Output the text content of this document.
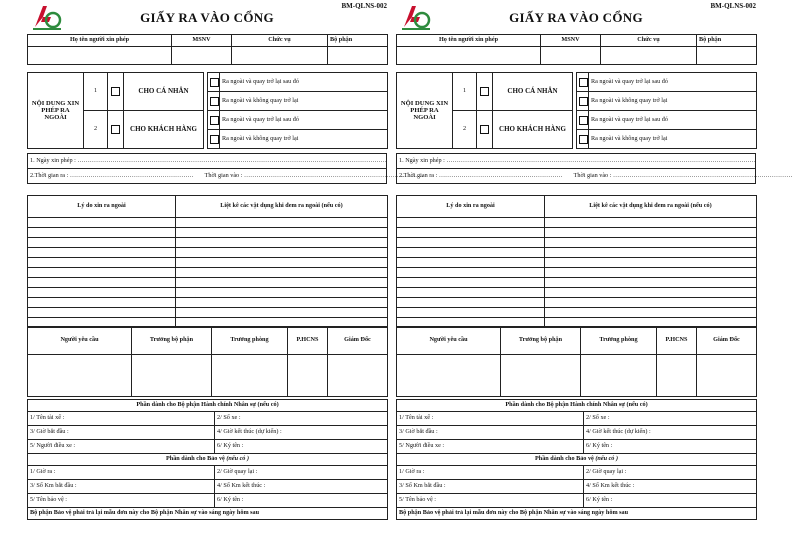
BM-QLNS-002
GIẤY RA VÀO CỔNG
Họ tên người xin phép	MSNV	Chức vụ	Bộ phận

NỘI DUNG XIN PHÉP RA NGOÀI	1		CHO CÁ NHÂN			Ra ngoài và quay trở lại sau đó
						Ra ngoài và không quay trở lại
	2		CHO KHÁCH HÀNG			Ra ngoài và quay trở lại sau đó
						Ra ngoài và không quay trở lại
1. Ngày xin phép : ……………………………………………………………………………………………………………………………………
2.Thời gian ra : …………………………………………………… Thời gian vào : ……………………………………………………………………………
Lý do xin ra ngoài	Liệt kê các vật dụng khi đem ra ngoài (nếu có)

Người yêu cầu	Trưởng bộ phận	Trưởng phòng	P.HCNS	Giám Đốc

Phần dành cho Bộ phận Hành chính Nhân sự (nếu có)	
1/ Tên tài xế :	2/ Số xe :
3/ Giờ bắt đầu :	4/ Giờ kết thúc (dự kiến) :
5/ Người điều xe :	6/ Ký tên :
Phần dành cho Bảo vệ (nếu có )	
1/ Giờ ra :	2/ Giờ quay lại :
3/ Số Km bắt đầu :	4/ Số Km kết thúc :
5/ Tên bảo vệ :	6/ Ký tên :
Bộ phận Bảo vệ phải trả lại mẫu đơn này cho Bộ phận Nhân sự vào sáng ngày hôm sau	
BM-QLNS-002
GIẤY RA VÀO CỔNG
Họ tên người xin phép	MSNV	Chức vụ	Bộ phận

NỘI DUNG XIN PHÉP RA NGOÀI	1		CHO CÁ NHÂN			Ra ngoài và quay trở lại sau đó
						Ra ngoài và không quay trở lại
	2		CHO KHÁCH HÀNG			Ra ngoài và quay trở lại sau đó
						Ra ngoài và không quay trở lại
1. Ngày xin phép : ……………………………………………………………………………………………………………………………………
2.Thời gian ra : …………………………………………………… Thời gian vào : ……………………………………………………………………………
Lý do xin ra ngoài	Liệt kê các vật dụng khi đem ra ngoài (nếu có)

Người yêu cầu	Trưởng bộ phận	Trưởng phòng	P.HCNS	Giám Đốc

Phần dành cho Bộ phận Hành chính Nhân sự (nếu có)	
1/ Tên tài xế :	2/ Số xe :
3/ Giờ bắt đầu :	4/ Giờ kết thúc (dự kiến) :
5/ Người điều xe :	6/ Ký tên :
Phần dành cho Bảo vệ (nếu có )	
1/ Giờ ra :	2/ Giờ quay lại :
3/ Số Km bắt đầu :	4/ Số Km kết thúc :
5/ Tên bảo vệ :	6/ Ký tên :
Bộ phận Bảo vệ phải trả lại mẫu đơn này cho Bộ phận Nhân sự vào sáng ngày hôm sau	
